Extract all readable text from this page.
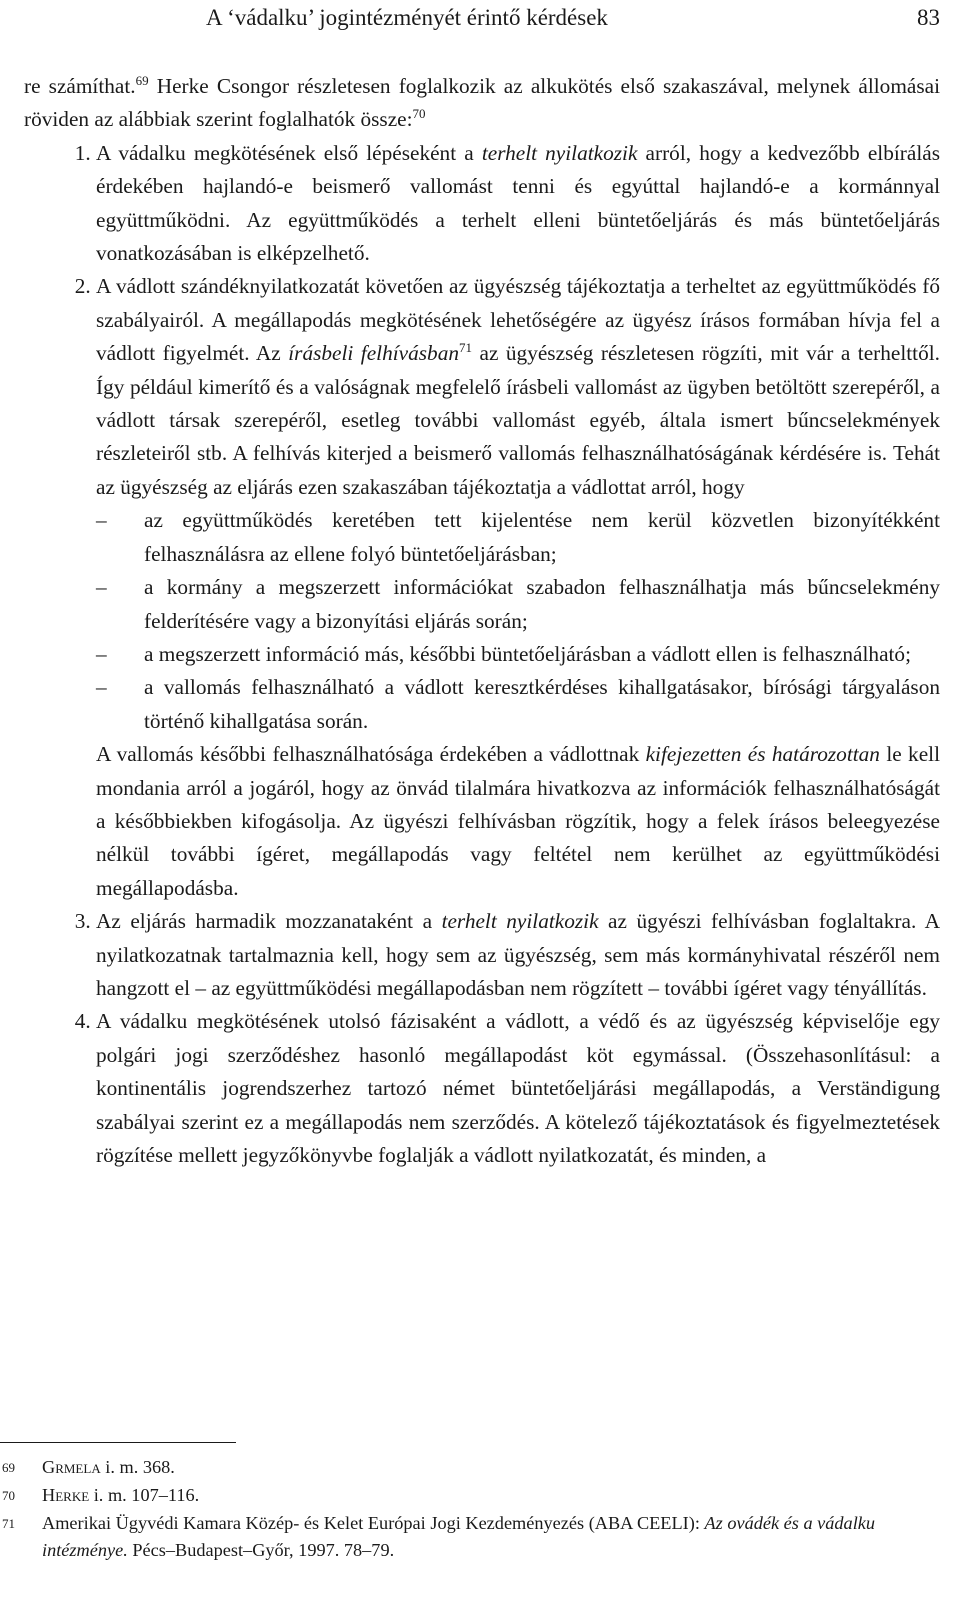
A ‘vádalku’ jogintézményét érintő kérdések	83

re számíthat.$^{69}$ Herke Csongor részletesen foglalkozik az alkukötés első szakaszával, melynek állomásai röviden az alábbiak szerint foglalhatók össze:$^{70}$

1. A vádalku megkötésének első lépéseként a terhelt nyilatkozik arról, hogy a kedvezőbb elbírálás érdekében hajlandó-e beismerő vallomást tenni és egyúttal hajlandó-e a kormánnyal együttműködni. Az együttműködés a terhelt elleni büntetőeljárás és más büntetőeljárás vonatkozásában is elképzelhető.
2. A vádlott szándéknyilatkozatát követően az ügyészség tájékoztatja a terheltet az együttműködés fő szabályairól. A megállapodás megkötésének lehetőségére az ügyész írásos formában hívja fel a vádlott figyelmét. Az írásbeli felhívásban$^{71}$ az ügyészség részletesen rögzíti, mit vár a terhelttől. Így például kimerítő és a valóságnak megfelelő írásbeli vallomást az ügyben betöltött szerepéről, a vádlott társak szerepéről, esetleg további vallomást egyéb, általa ismert bűncselekmények részleteiről stb. A felhívás kiterjed a beismerő vallomás felhasználhatóságának kérdésére is. Tehát az ügyészség az eljárás ezen szakaszában tájékoztatja a vádlottat arról, hogy
–	az együttműködés keretében tett kijelentése nem kerül közvetlen bizonyítékként felhasználásra az ellene folyó büntetőeljárásban;
–	a kormány a megszerzett információkat szabadon felhasználhatja más bűncselekmény felderítésére vagy a bizonyítási eljárás során;
–	a megszerzett információ más, későbbi büntetőeljárásban a vádlott ellen is felhasználható;
–	a vallomás felhasználható a vádlott keresztkérdéses kihallgatásakor, bírósági tárgyaláson történő kihallgatása során.

A vallomás későbbi felhasználhatósága érdekében a vádlottnak kifejezetten és határozottan le kell mondania arról a jogáról, hogy az önvád tilalmára hivatkozva az információk felhasználhatóságát a későbbiekben kifogásolja. Az ügyészi felhívásban rögzítik, hogy a felek írásos beleegyezése nélkül további ígéret, megállapodás vagy feltétel nem kerülhet az együttműködési megállapodásba.

3. Az eljárás harmadik mozzanataként a terhelt nyilatkozik az ügyészi felhívásban foglaltakra. A nyilatkozatnak tartalmaznia kell, hogy sem az ügyészség, sem más kormányhivatal részéről nem hangzott el – az együttműködési megállapodásban nem rögzített – további ígéret vagy tényállítás.
4. A vádalku megkötésének utolsó fázisaként a vádlott, a védő és az ügyészség képviselője egy polgári jogi szerződéshez hasonló megállapodást köt egymással. (Összehasonlításul: a kontinentális jogrendszerhez tartozó német büntetőeljárási megállapodás, a Verständigung szabályai szerint ez a megállapodás nem szerződés. A kötelező tájékoztatások és figyelmeztetések rögzítése mellett jegyzőkönyvbe foglalják a vádlott nyilatkozatát, és minden, a
69	Grmela i. m. 368.
70	Herke i. m. 107–116.
71	Amerikai Ügyvédi Kamara Közép- és Kelet Európai Jogi Kezdeményezés (ABA CEELI): Az ovádék és a vádalku intézménye. Pécs–Budapest–Győr, 1997. 78–79.
